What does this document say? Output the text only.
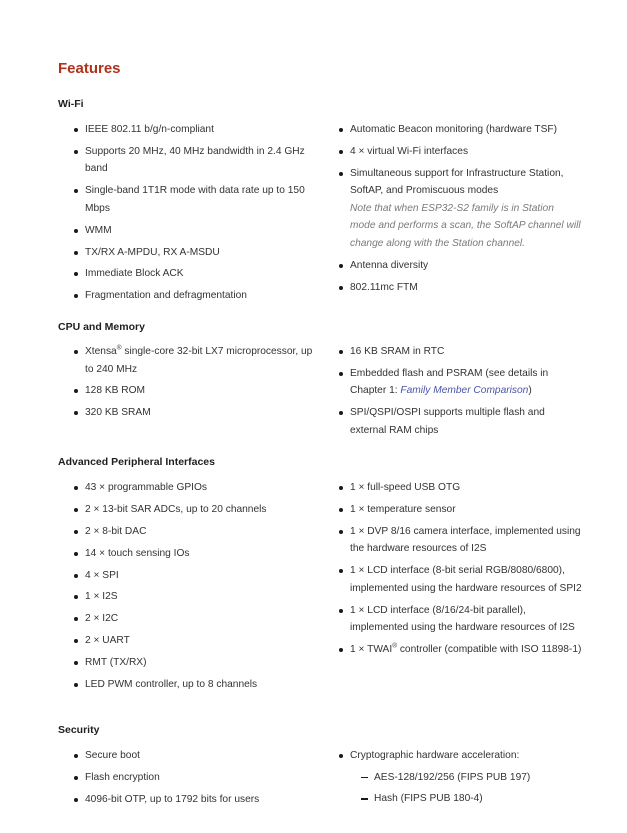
Features
Wi-Fi
IEEE 802.11 b/g/n-compliant
Supports 20 MHz, 40 MHz bandwidth in 2.4 GHz band
Single-band 1T1R mode with data rate up to 150 Mbps
WMM
TX/RX A-MPDU, RX A-MSDU
Immediate Block ACK
Fragmentation and defragmentation
Automatic Beacon monitoring (hardware TSF)
4 × virtual Wi-Fi interfaces
Simultaneous support for Infrastructure Station, SoftAP, and Promiscuous modes
Note that when ESP32-S2 family is in Station mode and performs a scan, the SoftAP channel will change along with the Station channel.
Antenna diversity
802.11mc FTM
CPU and Memory
Xtensa® single-core 32-bit LX7 microprocessor, up to 240 MHz
128 KB ROM
320 KB SRAM
16 KB SRAM in RTC
Embedded flash and PSRAM (see details in Chapter 1: Family Member Comparison)
SPI/QSPI/OSPI supports multiple flash and external RAM chips
Advanced Peripheral Interfaces
43 × programmable GPIOs
2 × 13-bit SAR ADCs, up to 20 channels
2 × 8-bit DAC
14 × touch sensing IOs
4 × SPI
1 × I2S
2 × I2C
2 × UART
RMT (TX/RX)
LED PWM controller, up to 8 channels
1 × full-speed USB OTG
1 × temperature sensor
1 × DVP 8/16 camera interface, implemented using the hardware resources of I2S
1 × LCD interface (8-bit serial RGB/8080/6800), implemented using the hardware resources of SPI2
1 × LCD interface (8/16/24-bit parallel), implemented using the hardware resources of I2S
1 × TWAI® controller (compatible with ISO 11898-1)
Security
Secure boot
Flash encryption
4096-bit OTP, up to 1792 bits for users
Cryptographic hardware acceleration:
AES-128/192/256 (FIPS PUB 197)
Hash (FIPS PUB 180-4)
